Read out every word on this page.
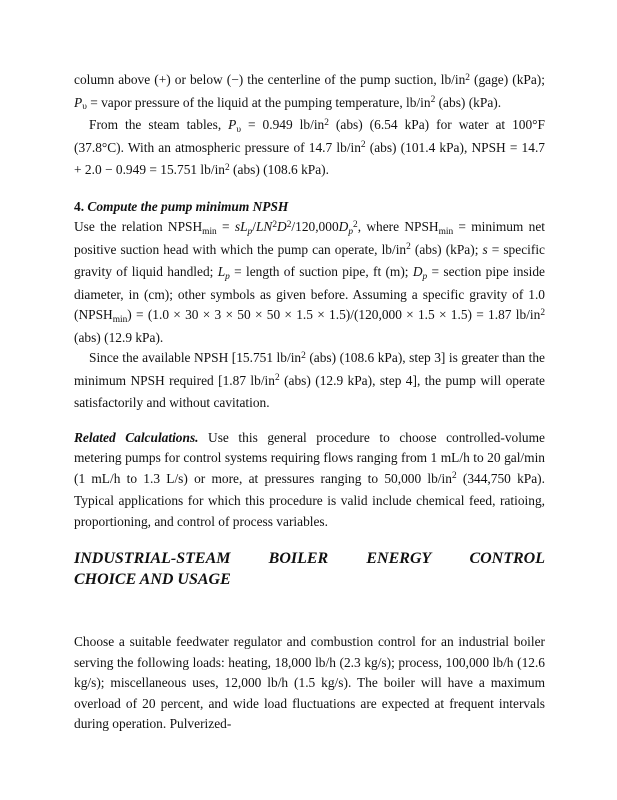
column above (+) or below (−) the centerline of the pump suction, $lb/in^2$ (gage) (kPa); $P_\upsilon$ = vapor pressure of the liquid at the pumping temperature, $lb/in^2$ (abs) (kPa).

From the steam tables, $P_\upsilon = 0.949$ $lb/in^2$ (abs) (6.54 kPa) for water at 100°F (37.8°C). With an atmospheric pressure of 14.7 $lb/in^2$ (abs) (101.4 kPa), NPSH = 14.7 + 2.0 − 0.949 = 15.751 $lb/in^2$ (abs) (108.6 kPa).

4. Compute the pump minimum NPSH

Use the relation $NPSH_{min} = sL_p/LN^2D^2/120,000D_p^2$, where $NPSH_{min}$ = minimum net positive suction head with which the pump can operate, $lb/in^2$ (abs) (kPa); s = specific gravity of liquid handled; $L_p$ = length of suction pipe, ft (m); $D_p$ = section pipe inside diameter, in (cm); other symbols as given before. Assuming a specific gravity of 1.0 $(NPSH_{min}) = (1.0 \times 30 \times 3 \times 50 \times 50 \times 1.5 \times 1.5)/(120,000 \times 1.5 \times 1.5) = 1.87$ $lb/in^2$ (abs) (12.9 kPa).

Since the available NPSH [15.751 $lb/in^2$ (abs) (108.6 kPa), step 3] is greater than the minimum NPSH required [1.87 $lb/in^2$ (abs) (12.9 kPa), step 4], the pump will operate satisfactorily and without cavitation.

Related Calculations. Use this general procedure to choose controlled-volume metering pumps for control systems requiring flows ranging from 1 mL/h to 20 gal/min (1 mL/h to 1.3 L/s) or more, at pressures ranging to 50,000 $lb/in^2$ (344,750 kPa). Typical applications for which this procedure is valid include chemical feed, ratioing, proportioning, and control of process variables.

INDUSTRIAL-STEAM BOILER ENERGY CONTROL
CHOICE AND USAGE

Choose a suitable feedwater regulator and combustion control for an industrial boiler serving the following loads: heating, 18,000 lb/h (2.3 kg/s); process, 100,000 lb/h (12.6 kg/s); miscellaneous uses, 12,000 lb/h (1.5 kg/s). The boiler will have a maximum overload of 20 percent, and wide load fluctuations are expected at frequent intervals during operation. Pulverized-
